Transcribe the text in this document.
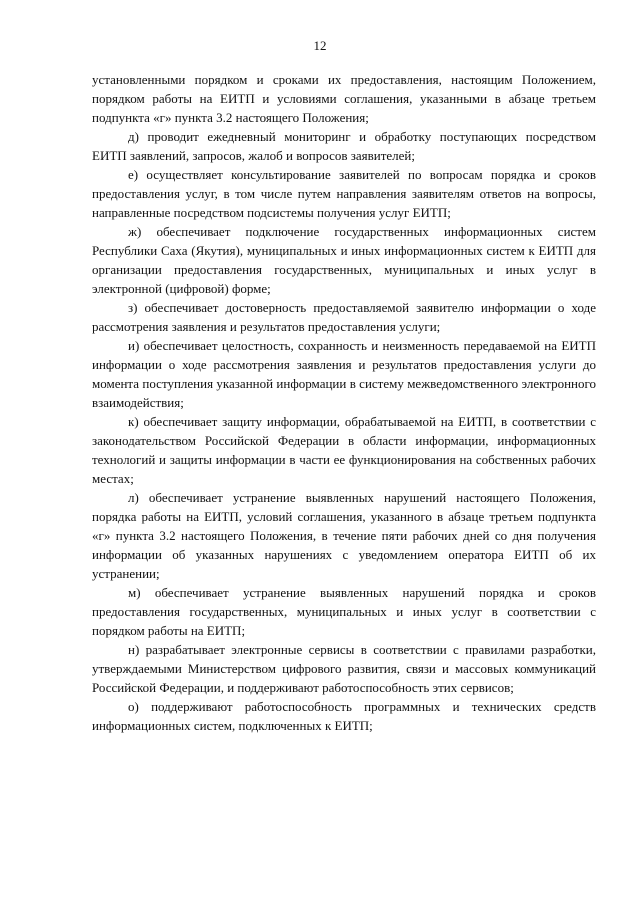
12

установленными порядком и сроками их предоставления, настоящим Положением, порядком работы на ЕИТП и условиями соглашения, указанными в абзаце третьем подпункта «г» пункта 3.2 настоящего Положения;

д) проводит ежедневный мониторинг и обработку поступающих посредством ЕИТП заявлений, запросов, жалоб и вопросов заявителей;

е) осуществляет консультирование заявителей по вопросам порядка и сроков предоставления услуг, в том числе путем направления заявителям ответов на вопросы, направленные посредством подсистемы получения услуг ЕИТП;

ж) обеспечивает подключение государственных информационных систем Республики Саха (Якутия), муниципальных и иных информационных систем к ЕИТП для организации предоставления государственных, муниципальных и иных услуг в электронной (цифровой) форме;

з) обеспечивает достоверность предоставляемой заявителю информации о ходе рассмотрения заявления и результатов предоставления услуги;

и) обеспечивает целостность, сохранность и неизменность передаваемой на ЕИТП информации о ходе рассмотрения заявления и результатов предоставления услуги до момента поступления указанной информации в систему межведомственного электронного взаимодействия;

к) обеспечивает защиту информации, обрабатываемой на ЕИТП, в соответствии с законодательством Российской Федерации в области информации, информационных технологий и защиты информации в части ее функционирования на собственных рабочих местах;

л) обеспечивает устранение выявленных нарушений настоящего Положения, порядка работы на ЕИТП, условий соглашения, указанного в абзаце третьем подпункта «г» пункта 3.2 настоящего Положения, в течение пяти рабочих дней со дня получения информации об указанных нарушениях с уведомлением оператора ЕИТП об их устранении;

м) обеспечивает устранение выявленных нарушений порядка и сроков предоставления государственных, муниципальных и иных услуг в соответствии с порядком работы на ЕИТП;

н) разрабатывает электронные сервисы в соответствии с правилами разработки, утверждаемыми Министерством цифрового развития, связи и массовых коммуникаций Российской Федерации, и поддерживают работоспособность этих сервисов;

о) поддерживают работоспособность программных и технических средств информационных систем, подключенных к ЕИТП;
